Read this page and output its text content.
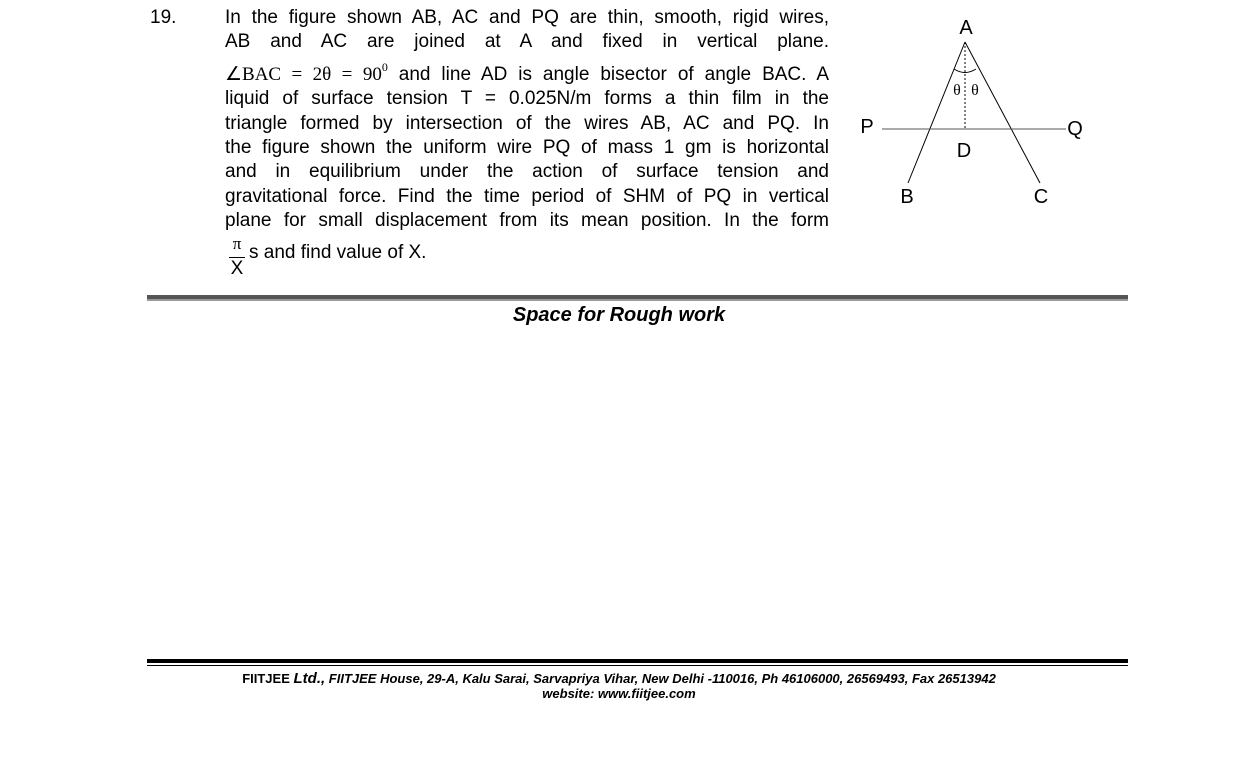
19.	In the figure shown AB, AC and PQ are thin, smooth, rigid wires,
AB and AC are joined at A and fixed in vertical plane.
∠BAC = $2\theta = 90^0$ and line AD is angle bisector of angle BAC. A
liquid of surface tension T = 0.025N/m forms a thin film in the
triangle formed by intersection of the wires AB, AC and PQ. In
the figure shown the uniform wire PQ of mass 1 gm is horizontal
and in equilibrium under the action of surface tension and
gravitational force. Find the time period of SHM of PQ in vertical
plane for small displacement from its mean position. In the form
π
X
s and find value of X.
A
B	C
D
P	Q
θ θ
Space for Rough work
FIITJEE Ltd., FIITJEE House, 29-A, Kalu Sarai, Sarvapriya Vihar, New Delhi -110016, Ph 46106000, 26569493, Fax 26513942
website: www.fiitjee.com
